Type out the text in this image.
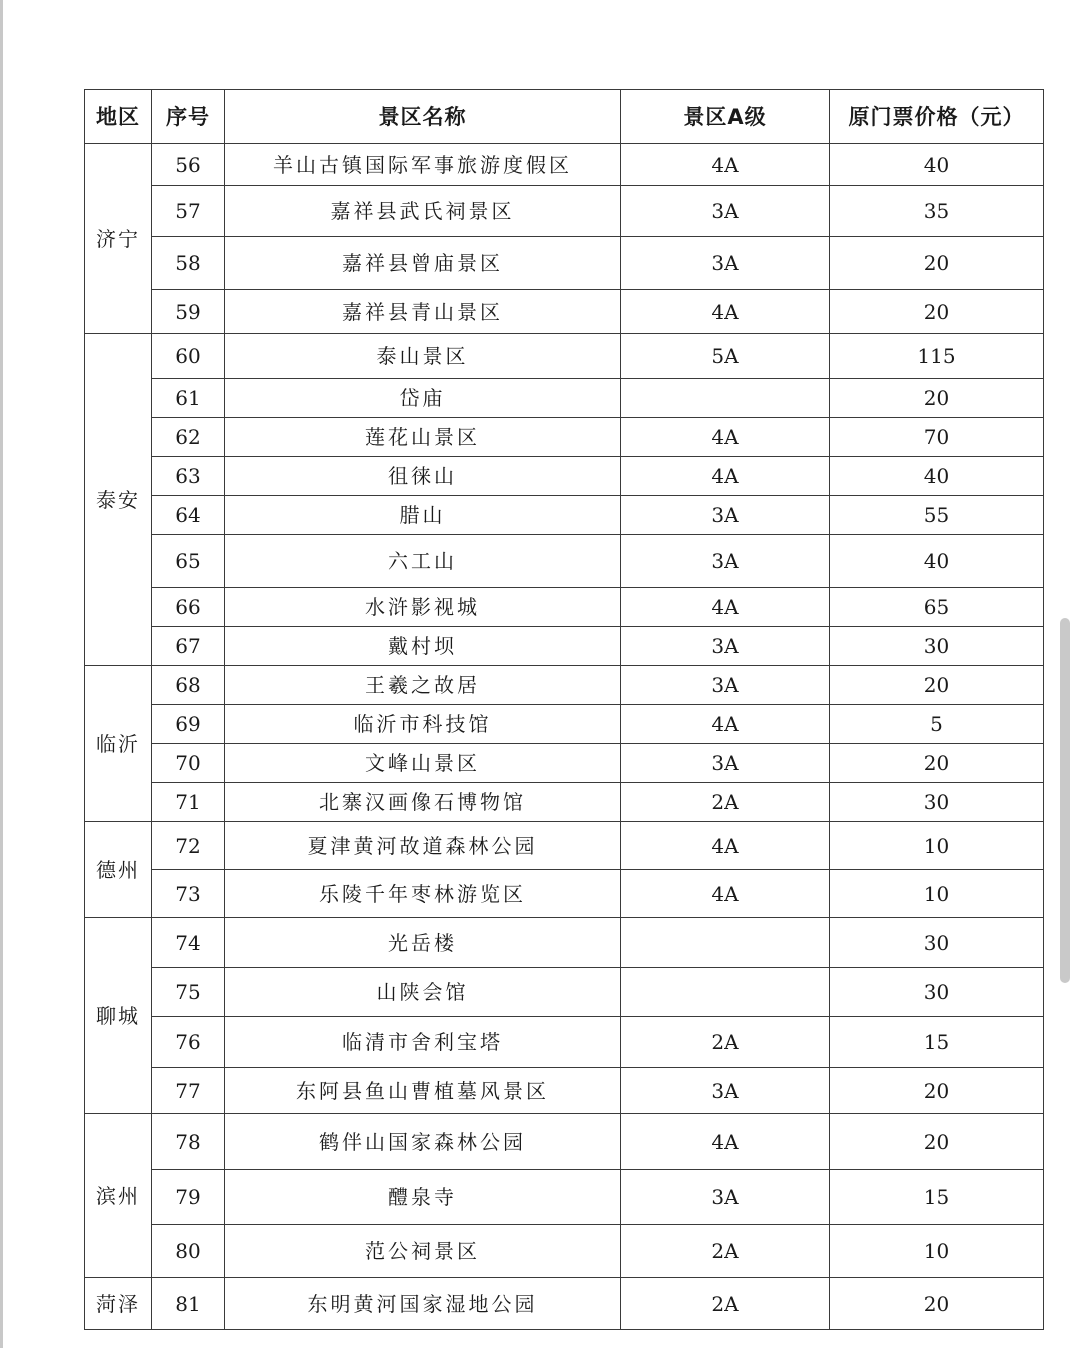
地区	序号	景区名称	景区A级	原门票价格（元）
济宁	56	羊山古镇国际军事旅游度假区	4A	40
	57	嘉祥县武氏祠景区	3A	35
	58	嘉祥县曾庙景区	3A	20
	59	嘉祥县青山景区	4A	20
泰安	60	泰山景区	5A	115
	61	岱庙		20
	62	莲花山景区	4A	70
	63	徂徕山	4A	40
	64	腊山	3A	55
	65	六工山	3A	40
	66	水浒影视城	4A	65
	67	戴村坝	3A	30
临沂	68	王羲之故居	3A	20
	69	临沂市科技馆	4A	5
	70	文峰山景区	3A	20
	71	北寨汉画像石博物馆	2A	30
德州	72	夏津黄河故道森林公园	4A	10
	73	乐陵千年枣林游览区	4A	10
聊城	74	光岳楼		30
	75	山陕会馆		30
	76	临清市舍利宝塔	2A	15
	77	东阿县鱼山曹植墓风景区	3A	20
滨州	78	鹤伴山国家森林公园	4A	20
	79	醴泉寺	3A	15
	80	范公祠景区	2A	10
菏泽	81	东明黄河国家湿地公园	2A	20
